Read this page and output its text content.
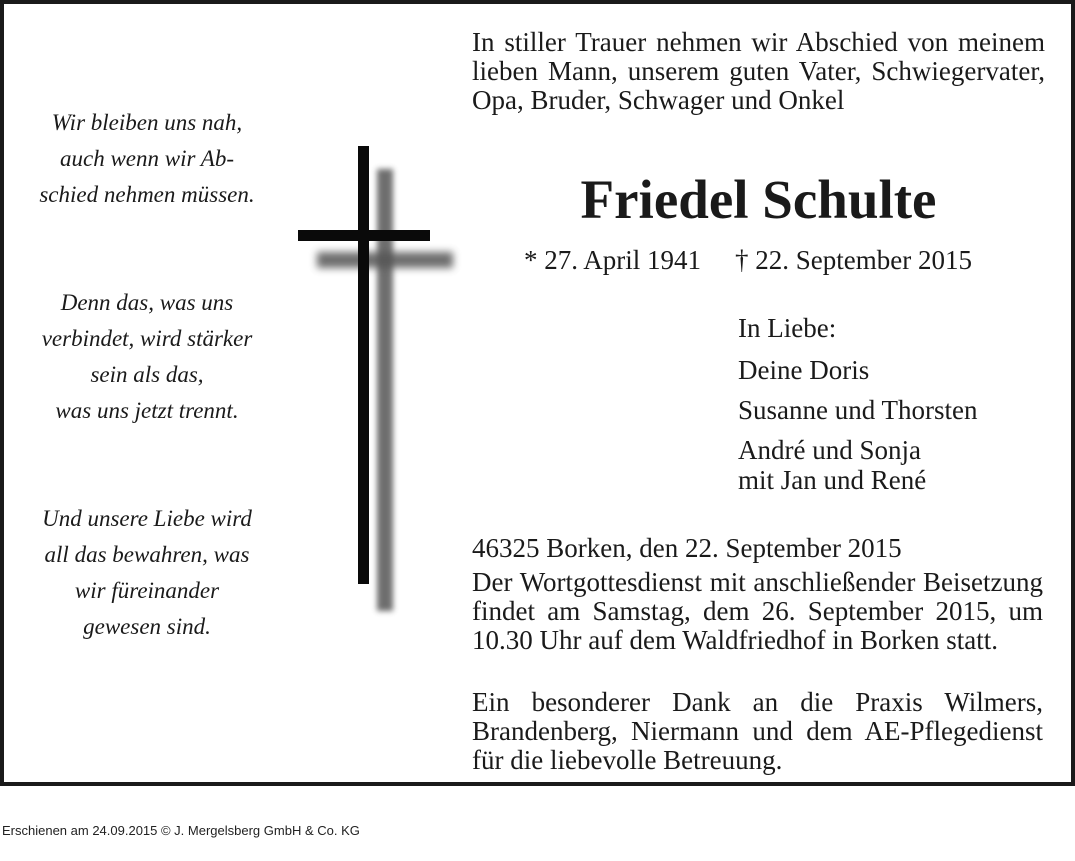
Wir bleiben uns nah,
auch wenn wir Ab-
schied nehmen müssen.
Denn das, was uns
verbindet, wird stärker
sein als das,
was uns jetzt trennt.
Und unsere Liebe wird
all das bewahren, was
wir füreinander
gewesen sind.
In stiller Trauer nehmen wir Abschied von meinem lieben Mann, unserem guten Vater, Schwiegervater, Opa, Bruder, Schwager und Onkel
Friedel Schulte
* 27. April 1941 † 22. September 2015
In Liebe:
Deine Doris
Susanne und Thorsten
André und Sonja
mit Jan und René
46325 Borken, den 22. September 2015
Der Wortgottesdienst mit anschließender Beisetzung findet am Samstag, dem 26. September 2015, um 10.30 Uhr auf dem Waldfriedhof in Borken statt.
Ein besonderer Dank an die Praxis Wilmers, Brandenberg, Niermann und dem AE-Pflegedienst für die liebevolle Betreuung.
Erschienen am 24.09.2015 © J. Mergelsberg GmbH & Co. KG
